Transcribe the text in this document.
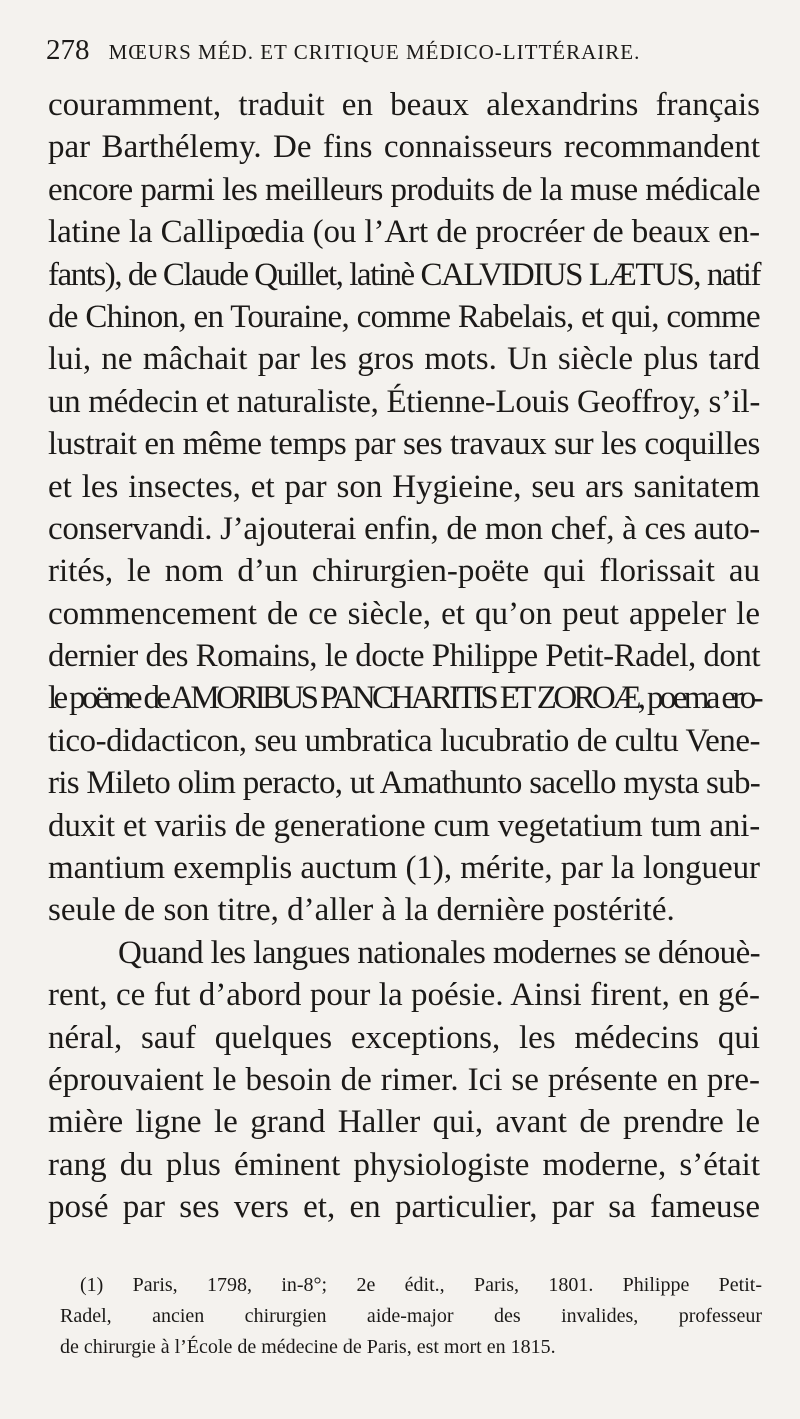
278 MŒURS MÉD. ET CRITIQUE MÉDICO-LITTÉRAIRE.
couramment, traduit en beaux alexandrins français
par Barthélemy. De fins connaisseurs recommandent
encore parmi les meilleurs produits de la muse médicale
latine la Callipœdia (ou l’Art de procréer de beaux en-
fants), de Claude Quillet, latinè CALVIDIUS LÆTUS, natif
de Chinon, en Touraine, comme Rabelais, et qui, comme
lui, ne mâchait par les gros mots. Un siècle plus tard
un médecin et naturaliste, Étienne-Louis Geoffroy, s’il-
lustrait en même temps par ses travaux sur les coquilles
et les insectes, et par son Hygieine, seu ars sanitatem
conservandi. J’ajouterai enfin, de mon chef, à ces auto-
rités, le nom d’un chirurgien-poëte qui florissait au
commencement de ce siècle, et qu’on peut appeler le
dernier des Romains, le docte Philippe Petit-Radel, dont
le poëme de AMORIBUS PANCHARITIS ET ZOROÆ, poema ero-
tico-didacticon, seu umbratica lucubratio de cultu Vene-
ris Mileto olim peracto, ut Amathunto sacello mysta sub-
duxit et variis de generatione cum vegetatium tum ani-
mantium exemplis auctum (1), mérite, par la longueur
seule de son titre, d’aller à la dernière postérité.
Quand les langues nationales modernes se dénouè-
rent, ce fut d’abord pour la poésie. Ainsi firent, en gé-
néral, sauf quelques exceptions, les médecins qui
éprouvaient le besoin de rimer. Ici se présente en pre-
mière ligne le grand Haller qui, avant de prendre le
rang du plus éminent physiologiste moderne, s’était
posé par ses vers et, en particulier, par sa fameuse
(1) Paris, 1798, in-8°; 2e édit., Paris, 1801. Philippe Petit-
Radel, ancien chirurgien aide-major des invalides, professeur
de chirurgie à l’École de médecine de Paris, est mort en 1815.
